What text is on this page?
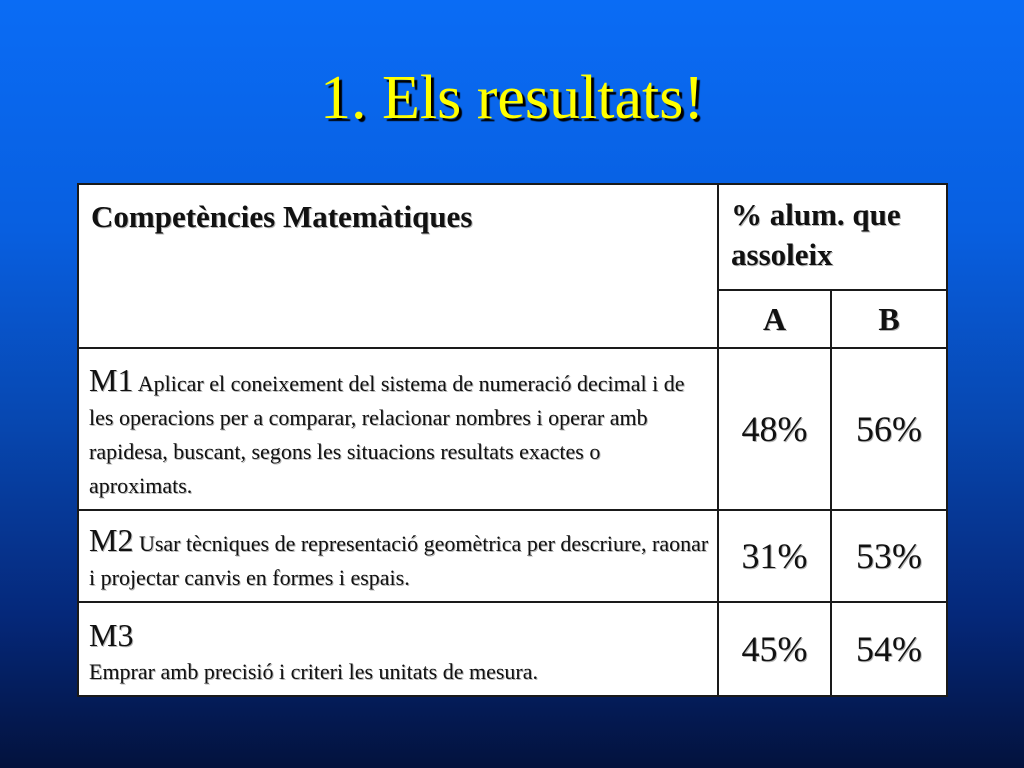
1. Els resultats!
Competències Matemàtiques	% alum. que assoleix	
	A	B
M1 Aplicar el coneixement del sistema de numeració decimal i de les operacions per a comparar, relacionar nombres i operar amb rapidesa, buscant, segons les situacions resultats exactes o aproximats.	48%	56%
M2 Usar tècniques de representació geomètrica per descriure, raonar i projectar canvis en formes i espais.	31%	53%

M3
Emprar amb precisió i criteri les unitats de mesura.	45%	54%
